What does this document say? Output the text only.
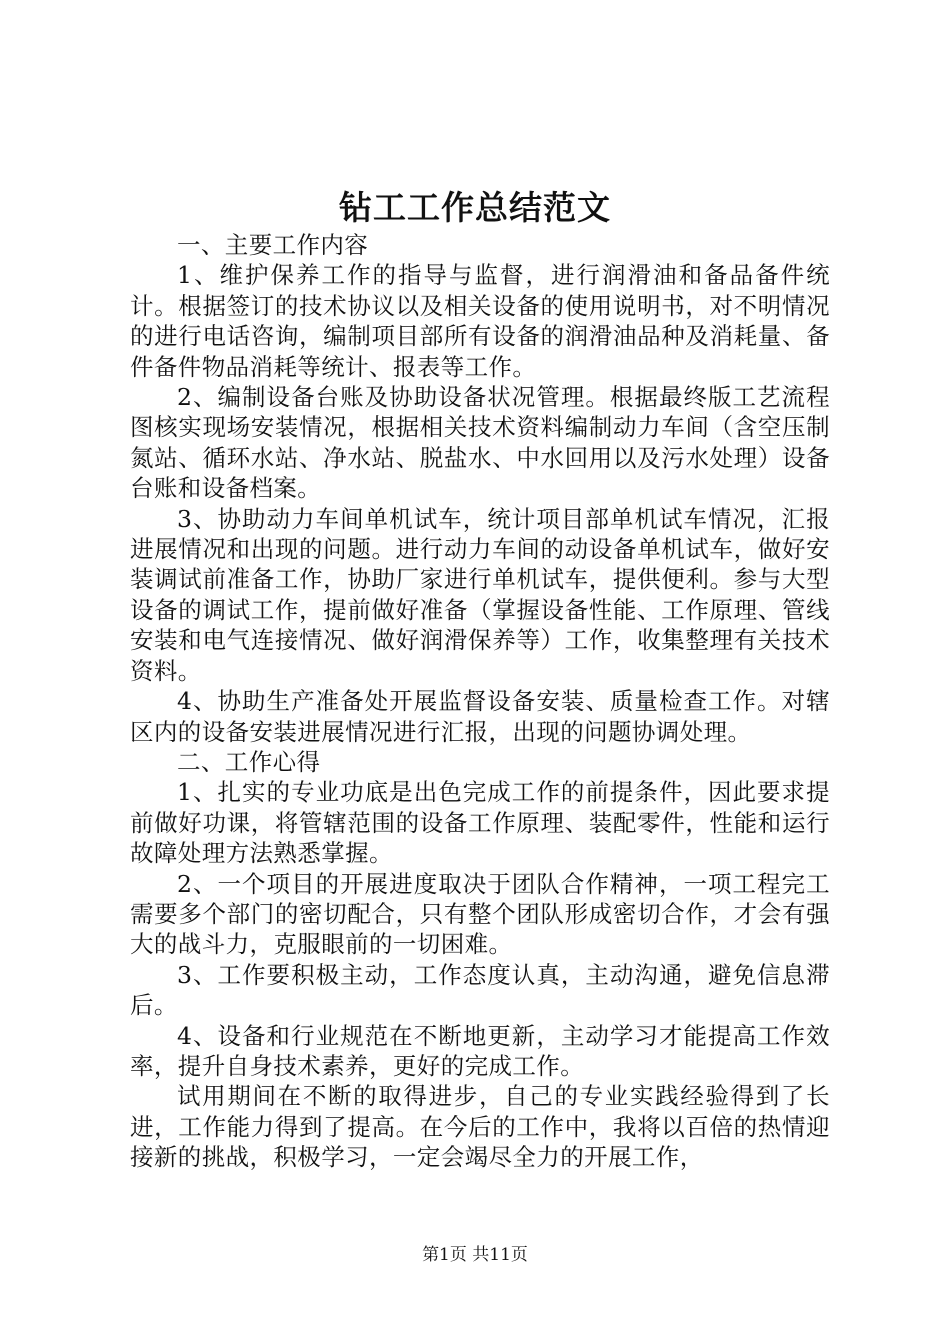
钻工工作总结范文

一、主要工作内容

1、维护保养工作的指导与监督，进行润滑油和备品备件统计。根据签订的技术协议以及相关设备的使用说明书，对不明情况的进行电话咨询，编制项目部所有设备的润滑油品种及消耗量、备件备件物品消耗等统计、报表等工作。

2、编制设备台账及协助设备状况管理。根据最终版工艺流程图核实现场安装情况，根据相关技术资料编制动力车间（含空压制氮站、循环水站、净水站、脱盐水、中水回用以及污水处理）设备台账和设备档案。

3、协助动力车间单机试车，统计项目部单机试车情况，汇报进展情况和出现的问题。进行动力车间的动设备单机试车，做好安装调试前准备工作，协助厂家进行单机试车，提供便利。参与大型设备的调试工作，提前做好准备（掌握设备性能、工作原理、管线安装和电气连接情况、做好润滑保养等）工作，收集整理有关技术资料。

4、协助生产准备处开展监督设备安装、质量检查工作。对辖区内的设备安装进展情况进行汇报，出现的问题协调处理。

二、工作心得

1、扎实的专业功底是出色完成工作的前提条件，因此要求提前做好功课，将管辖范围的设备工作原理、装配零件，性能和运行故障处理方法熟悉掌握。

2、一个项目的开展进度取决于团队合作精神，一项工程完工需要多个部门的密切配合，只有整个团队形成密切合作，才会有强大的战斗力，克服眼前的一切困难。

3、工作要积极主动，工作态度认真，主动沟通，避免信息滞后。

4、设备和行业规范在不断地更新，主动学习才能提高工作效率，提升自身技术素养，更好的完成工作。

试用期间在不断的取得进步，自己的专业实践经验得到了长进，工作能力得到了提高。在今后的工作中，我将以百倍的热情迎接新的挑战，积极学习，一定会竭尽全力的开展工作，

第1页 共11页
